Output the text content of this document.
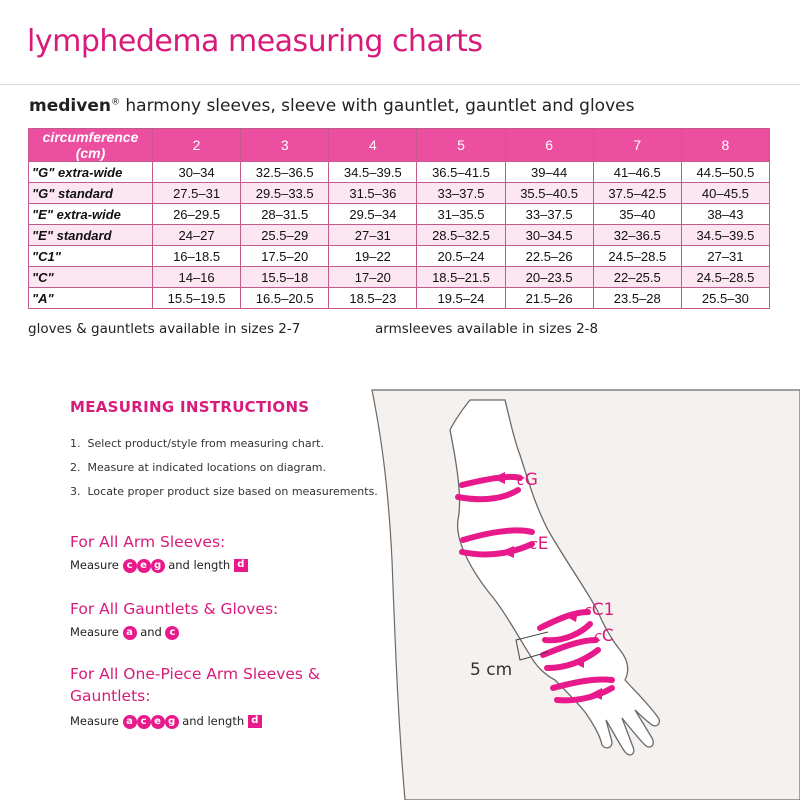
lymphedema measuring charts
mediven® harmony sleeves, sleeve with gauntlet, gauntlet and gloves
circumference (cm)	2	3	4	5	6	7	8
"G" extra-wide	30–34	32.5–36.5	34.5–39.5	36.5–41.5	39–44	41–46.5	44.5–50.5
"G" standard	27.5–31	29.5–33.5	31.5–36	33–37.5	35.5–40.5	37.5–42.5	40–45.5
"E" extra-wide	26–29.5	28–31.5	29.5–34	31–35.5	33–37.5	35–40	38–43
"E" standard	24–27	25.5–29	27–31	28.5–32.5	30–34.5	32–36.5	34.5–39.5
"C1"	16–18.5	17.5–20	19–22	20.5–24	22.5–26	24.5–28.5	27–31
"C"	14–16	15.5–18	17–20	18.5–21.5	20–23.5	22–25.5	24.5–28.5
"A"	15.5–19.5	16.5–20.5	18.5–23	19.5–24	21.5–26	23.5–28	25.5–30
gloves & gauntlets available in sizes 2-7	armsleeves available in sizes 2-8
MEASURING INSTRUCTIONS
1. Select product/style from measuring chart.
2. Measure at indicated locations on diagram.
3. Locate proper product size based on measurements.
For All Arm Sleeves:
Measure c e g and length d
For All Gauntlets & Gloves:
Measure a and c
For All One-Piece Arm Sleeves &
Gauntlets:
Measure a c e g and length d
cG
cE
cC1
cC
5 cm
